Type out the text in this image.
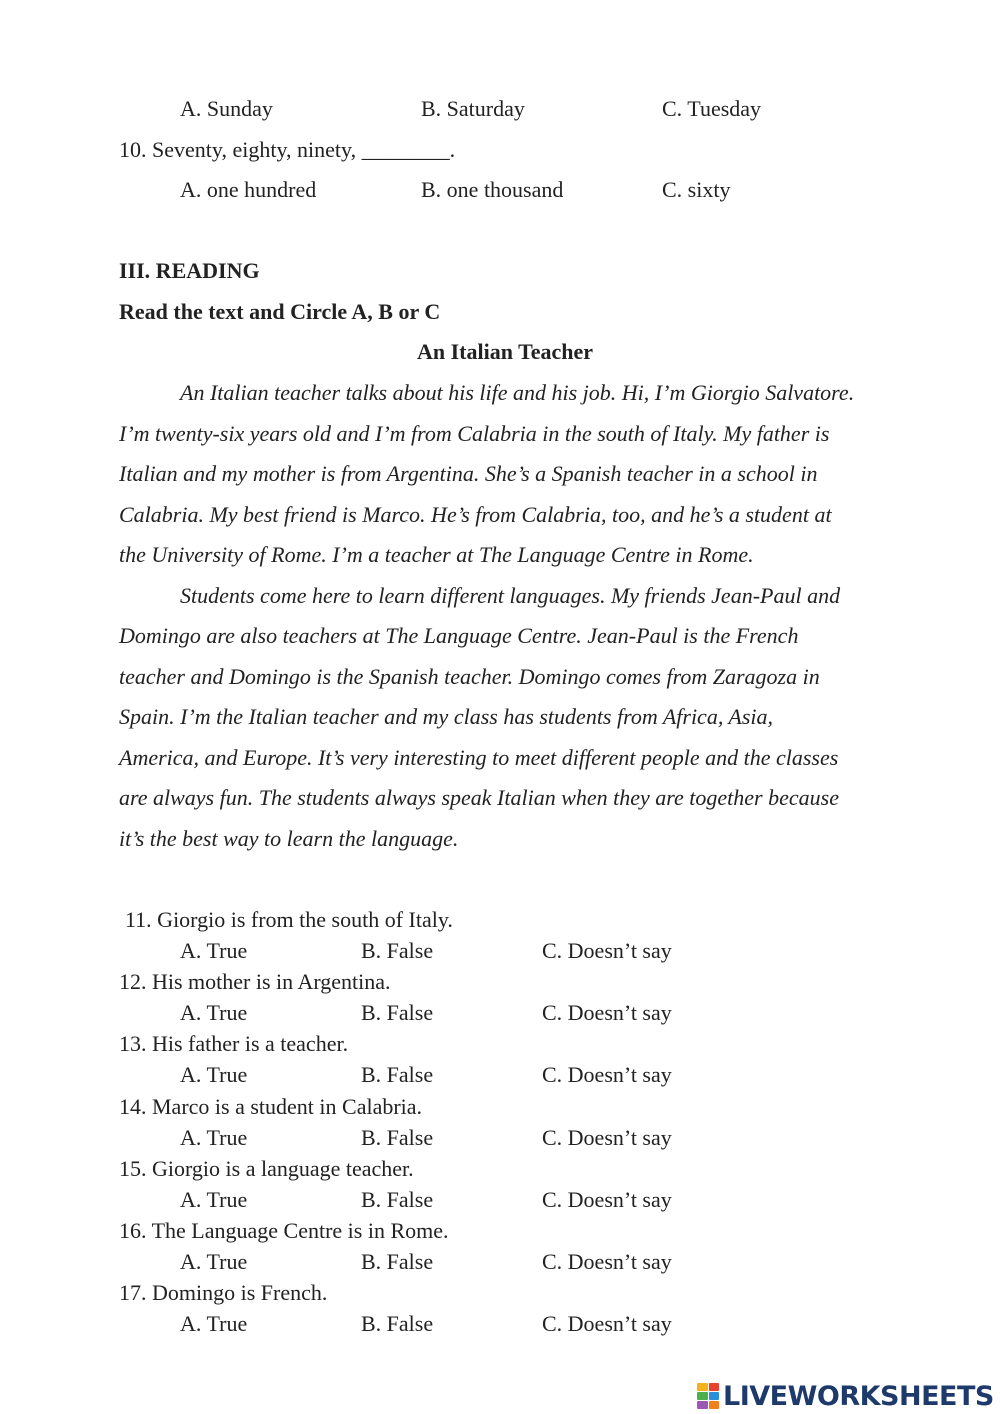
A. Sunday	B. Saturday	C. Tuesday
10. Seventy, eighty, ninety, ________.
A. one hundred	B. one thousand	C. sixty
III. READING
Read the text and Circle A, B or C
An Italian Teacher
An Italian teacher talks about his life and his job. Hi, I’m Giorgio Salvatore.
I’m twenty-six years old and I’m from Calabria in the south of Italy. My father is
Italian and my mother is from Argentina. She’s a Spanish teacher in a school in
Calabria. My best friend is Marco. He’s from Calabria, too, and he’s a student at
the University of Rome. I’m a teacher at The Language Centre in Rome.
Students come here to learn different languages. My friends Jean-Paul and
Domingo are also teachers at The Language Centre. Jean-Paul is the French
teacher and Domingo is the Spanish teacher. Domingo comes from Zaragoza in
Spain. I’m the Italian teacher and my class has students from Africa, Asia,
America, and Europe. It’s very interesting to meet different people and the classes
are always fun. The students always speak Italian when they are together because
it’s the best way to learn the language.
11. Giorgio is from the south of Italy.
A. True	B. False	C. Doesn’t say
12. His mother is in Argentina.
A. True	B. False	C. Doesn’t say
13. His father is a teacher.
A. True	B. False	C. Doesn’t say
14. Marco is a student in Calabria.
A. True	B. False	C. Doesn’t say
15. Giorgio is a language teacher.
A. True	B. False	C. Doesn’t say
16. The Language Centre is in Rome.
A. True	B. False	C. Doesn’t say
17. Domingo is French.
A. True	B. False	C. Doesn’t say
LIVEWORKSHEETS
